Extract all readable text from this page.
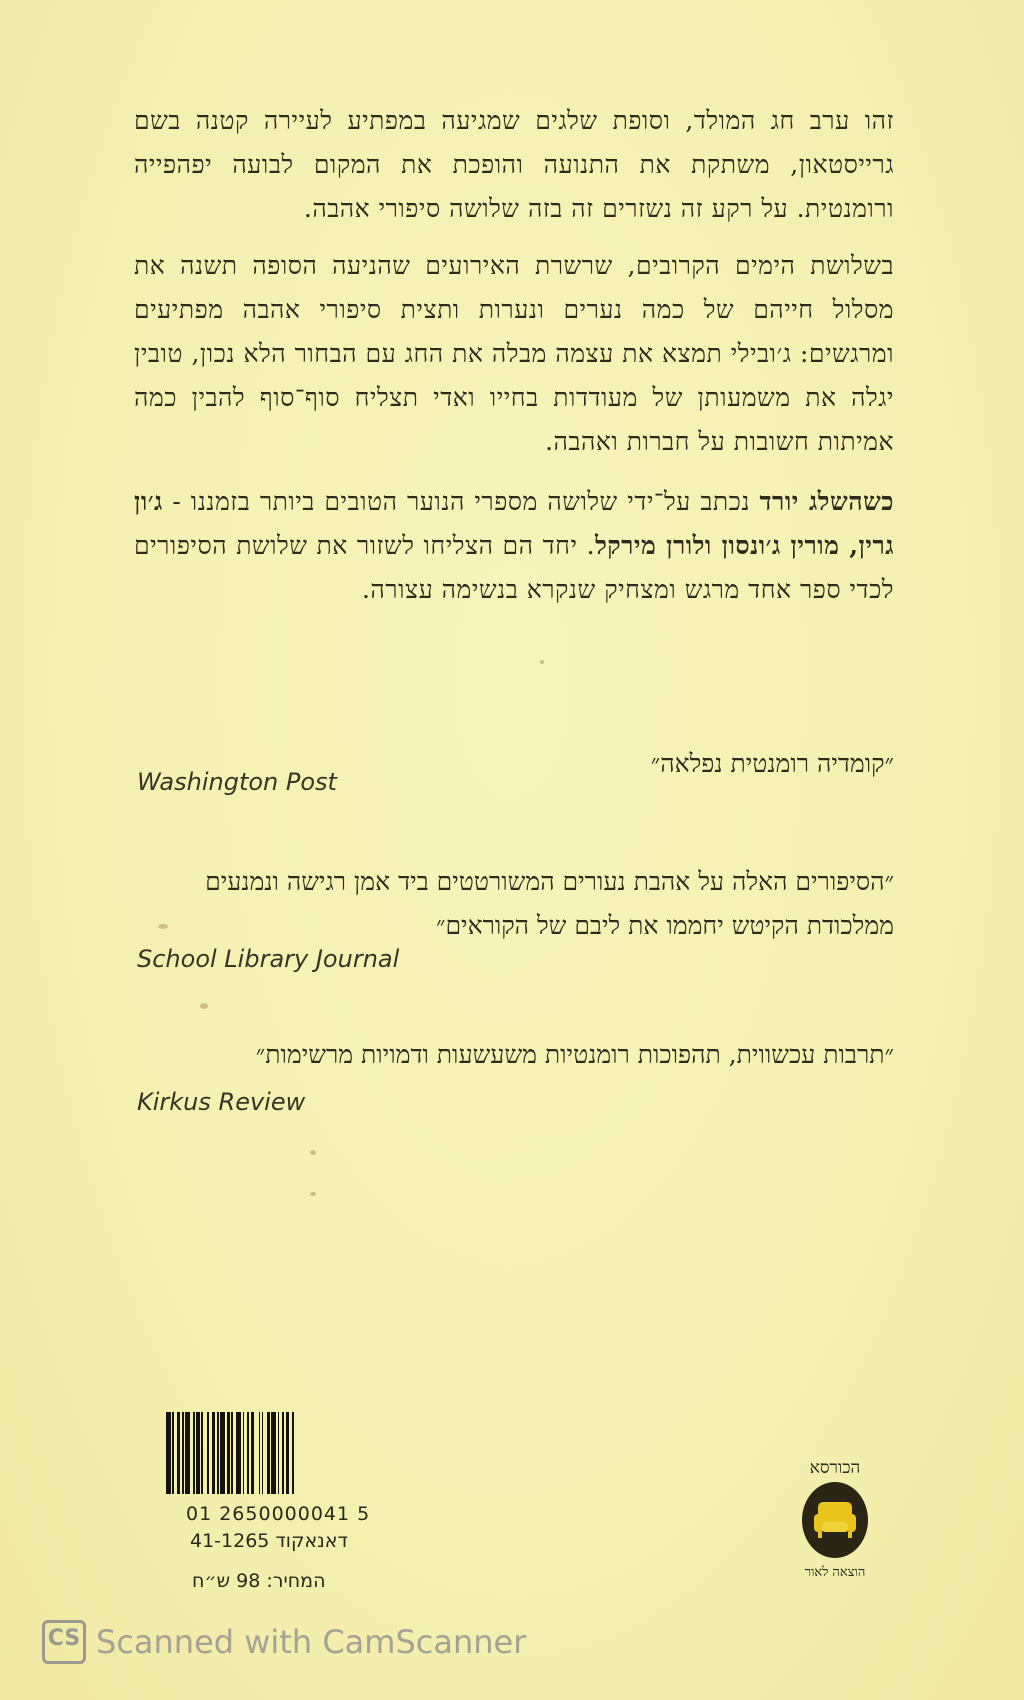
זהו ערב חג המולד, וסופת שלגים שמגיעה במפתיע לעיירה קטנה בשם גרייסטאון, משתקת את התנועה והופכת את המקום לבועה יפהפייה ורומנטית. על רקע זה נשזרים זה בזה שלושה סיפורי אהבה.

בשלושת הימים הקרובים, שרשרת האירועים שהניעה הסופה תשנה את מסלול חייהם של כמה נערים ונערות ותצית סיפורי אהבה מפתיעים ומרגשים: ג׳ובילי תמצא את עצמה מבלה את החג עם הבחור הלא נכון, טובין יגלה את משמעותן של מעודדות בחייו ואדי תצליח סוף־סוף להבין כמה אמיתות חשובות על חברות ואהבה.

כשהשלג יורד נכתב על־ידי שלושה מספרי הנוער הטובים ביותר בזמננו - ג׳ון גרין, מורין ג׳ונסון ולורן מירקל. יחד הם הצליחו לשזור את שלושת הסיפורים לכדי ספר אחד מרגש ומצחיק שנקרא בנשימה עצורה.

״קומדיה רומנטית נפלאה״
Washington Post
״הסיפורים האלה על אהבת נעורים המשורטטים ביד אמן רגישה ונמנעים ממלכודת הקיטש יחממו את ליבם של הקוראים״
School Library Journal
״תרבות עכשווית, תהפוכות רומנטיות משעשעות ודמויות מרשימות״
Kirkus Review
01 2650000041 5
דאנאקוד 41-1265
המחיר: 98 ש״ח
הכורסא
הוצאה לאור
CS Scanned with CamScanner
